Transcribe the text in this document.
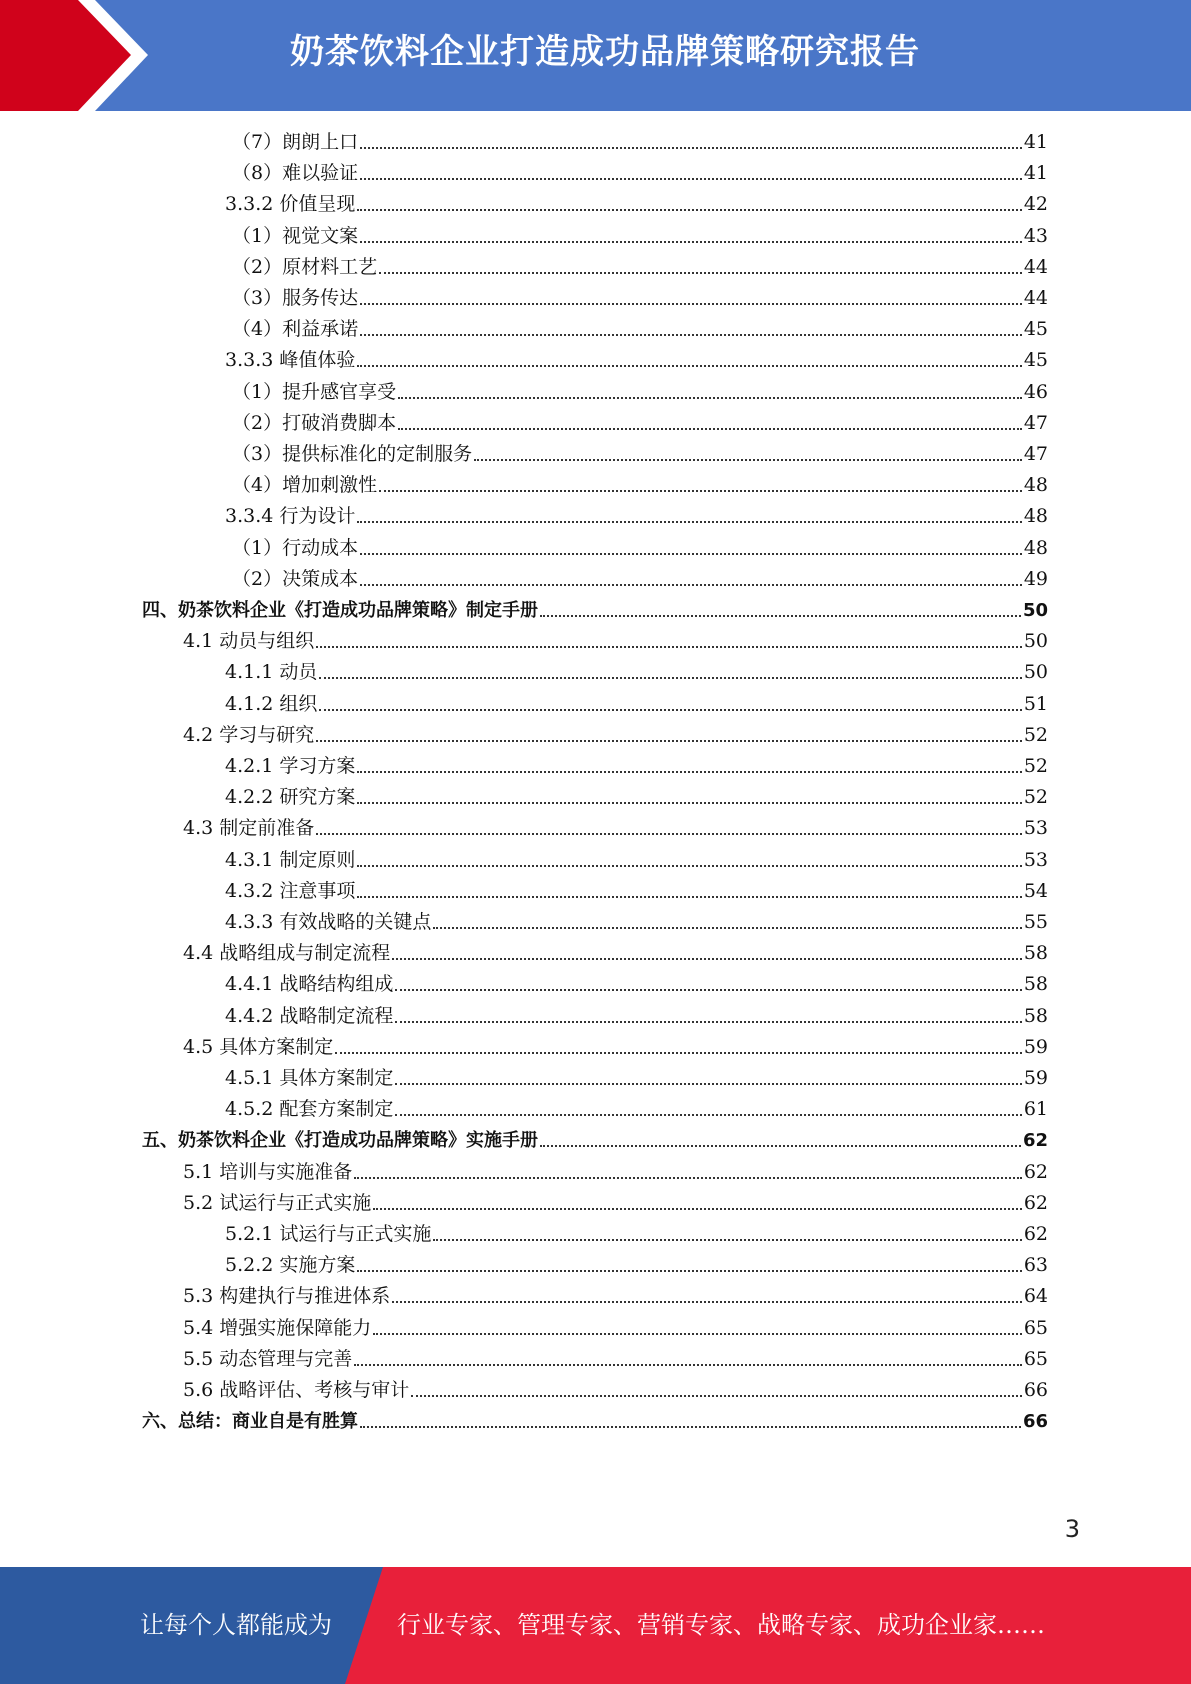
奶茶饮料企业打造成功品牌策略研究报告
（7）朗朗上口	41
（8）难以验证	41
3.3.2 价值呈现	42
（1）视觉文案	43
（2）原材料工艺	44
（3）服务传达	44
（4）利益承诺	45
3.3.3 峰值体验	45
（1）提升感官享受	46
（2）打破消费脚本	47
（3）提供标准化的定制服务	47
（4）增加刺激性	48
3.3.4 行为设计	48
（1）行动成本	48
（2）决策成本	49
四、奶茶饮料企业《打造成功品牌策略》制定手册	50
4.1 动员与组织	50
4.1.1 动员	50
4.1.2 组织	51
4.2 学习与研究	52
4.2.1 学习方案	52
4.2.2 研究方案	52
4.3 制定前准备	53
4.3.1 制定原则	53
4.3.2 注意事项	54
4.3.3 有效战略的关键点	55
4.4 战略组成与制定流程	58
4.4.1 战略结构组成	58
4.4.2 战略制定流程	58
4.5 具体方案制定	59
4.5.1 具体方案制定	59
4.5.2 配套方案制定	61
五、奶茶饮料企业《打造成功品牌策略》实施手册	62
5.1 培训与实施准备	62
5.2 试运行与正式实施	62
5.2.1 试运行与正式实施	62
5.2.2 实施方案	63
5.3 构建执行与推进体系	64
5.4 增强实施保障能力	65
5.5 动态管理与完善	65
5.6 战略评估、考核与审计	66
六、总结：商业自是有胜算	66
3
让每个人都能成为	行业专家、管理专家、营销专家、战略专家、成功企业家……
